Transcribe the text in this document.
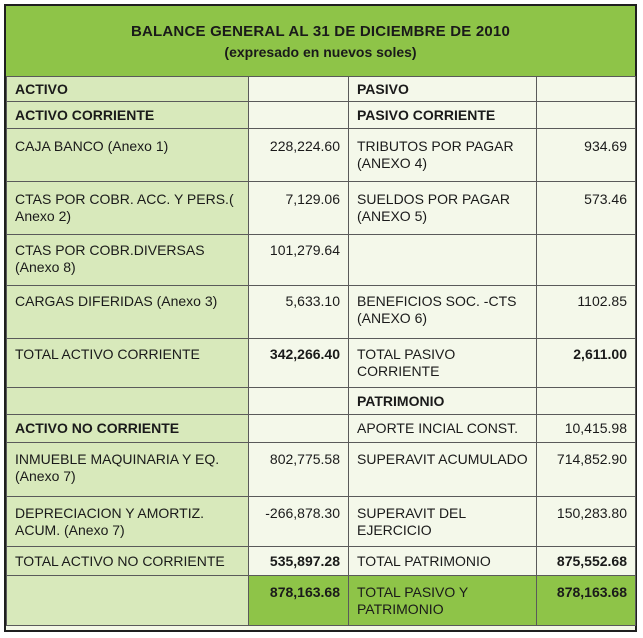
BALANCE GENERAL AL 31 DE DICIEMBRE DE 2010
(expresado en nuevos soles)
ACTIVO		PASIVO	
ACTIVO CORRIENTE		PASIVO CORRIENTE	
CAJA BANCO (Anexo 1)	228,224.60	TRIBUTOS POR PAGAR (ANEXO 4)	934.69
CTAS POR COBR. ACC. Y PERS.( Anexo 2)	7,129.06	SUELDOS POR PAGAR (ANEXO 5)	573.46
CTAS POR COBR.DIVERSAS (Anexo 8)	101,279.64		
CARGAS DIFERIDAS (Anexo 3)	5,633.10	BENEFICIOS SOC. -CTS (ANEXO 6)	1102.85
TOTAL ACTIVO CORRIENTE	342,266.40	TOTAL PASIVO CORRIENTE	2,611.00
		PATRIMONIO	
ACTIVO NO CORRIENTE		APORTE INCIAL CONST.	10,415.98
INMUEBLE MAQUINARIA Y EQ. (Anexo 7)	802,775.58	SUPERAVIT ACUMULADO	714,852.90
DEPRECIACION Y AMORTIZ. ACUM. (Anexo 7)	-266,878.30	SUPERAVIT DEL EJERCICIO	150,283.80
TOTAL ACTIVO NO CORRIENTE	535,897.28	TOTAL PATRIMONIO	875,552.68
	878,163.68	TOTAL PASIVO Y PATRIMONIO	878,163.68
